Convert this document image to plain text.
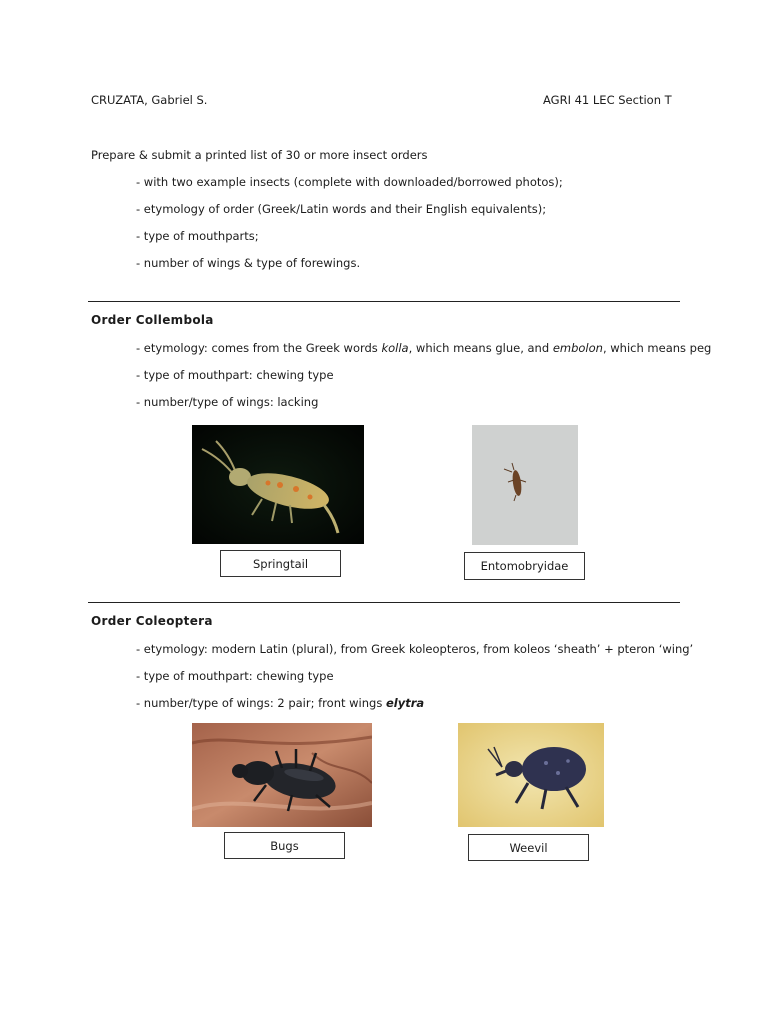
CRUZATA, Gabriel S.	AGRI 41 LEC Section T
Prepare & submit a printed list of 30 or more insect orders
- with two example insects (complete with downloaded/borrowed photos);
- etymology of order (Greek/Latin words and their English equivalents);
- type of mouthparts;
- number of wings & type of forewings.
Order Collembola
- etymology: comes from the Greek words kolla, which means glue, and embolon, which means peg
- type of mouthpart: chewing type
- number/type of wings: lacking
Springtail	Entomobryidae
Order Coleoptera
- etymology: modern Latin (plural), from Greek koleopteros, from koleos ‘sheath’ + pteron ‘wing’
- type of mouthpart: chewing type
- number/type of wings: 2 pair; front wings elytra
Bugs	Weevil
